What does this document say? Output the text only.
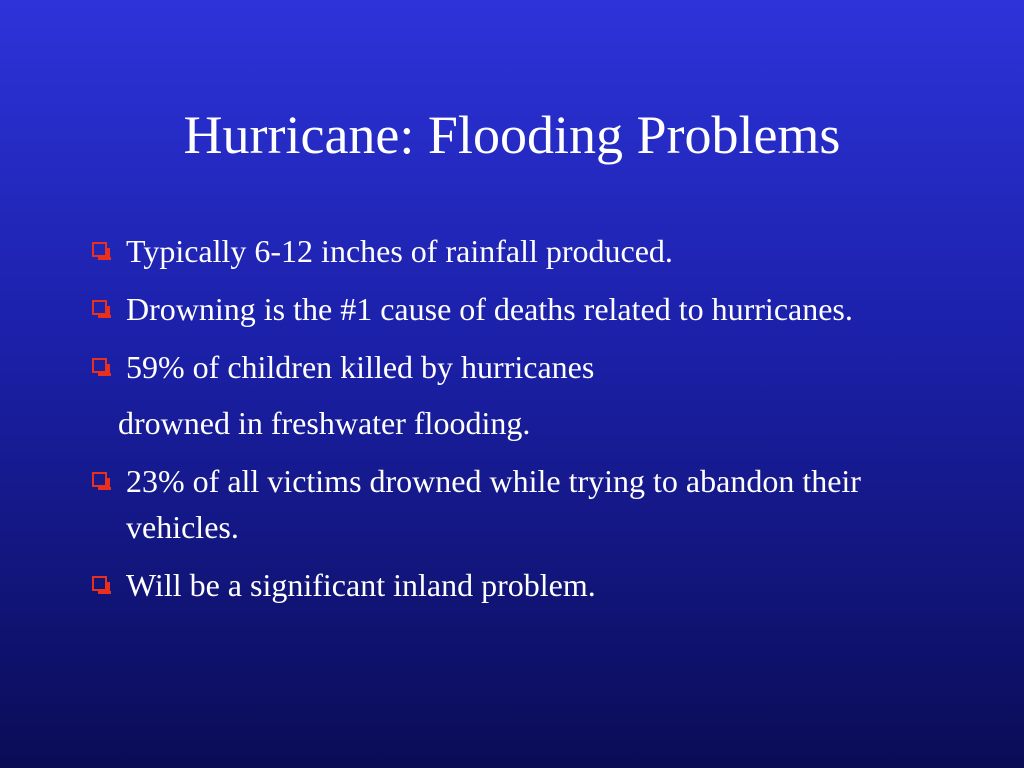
Hurricane: Flooding Problems
Typically 6-12 inches of rainfall produced.
Drowning is the #1 cause of deaths related to hurricanes.
59% of children killed by hurricanes
drowned in freshwater flooding.
23% of all victims drowned while trying to abandon their vehicles.
Will be a significant inland problem.
